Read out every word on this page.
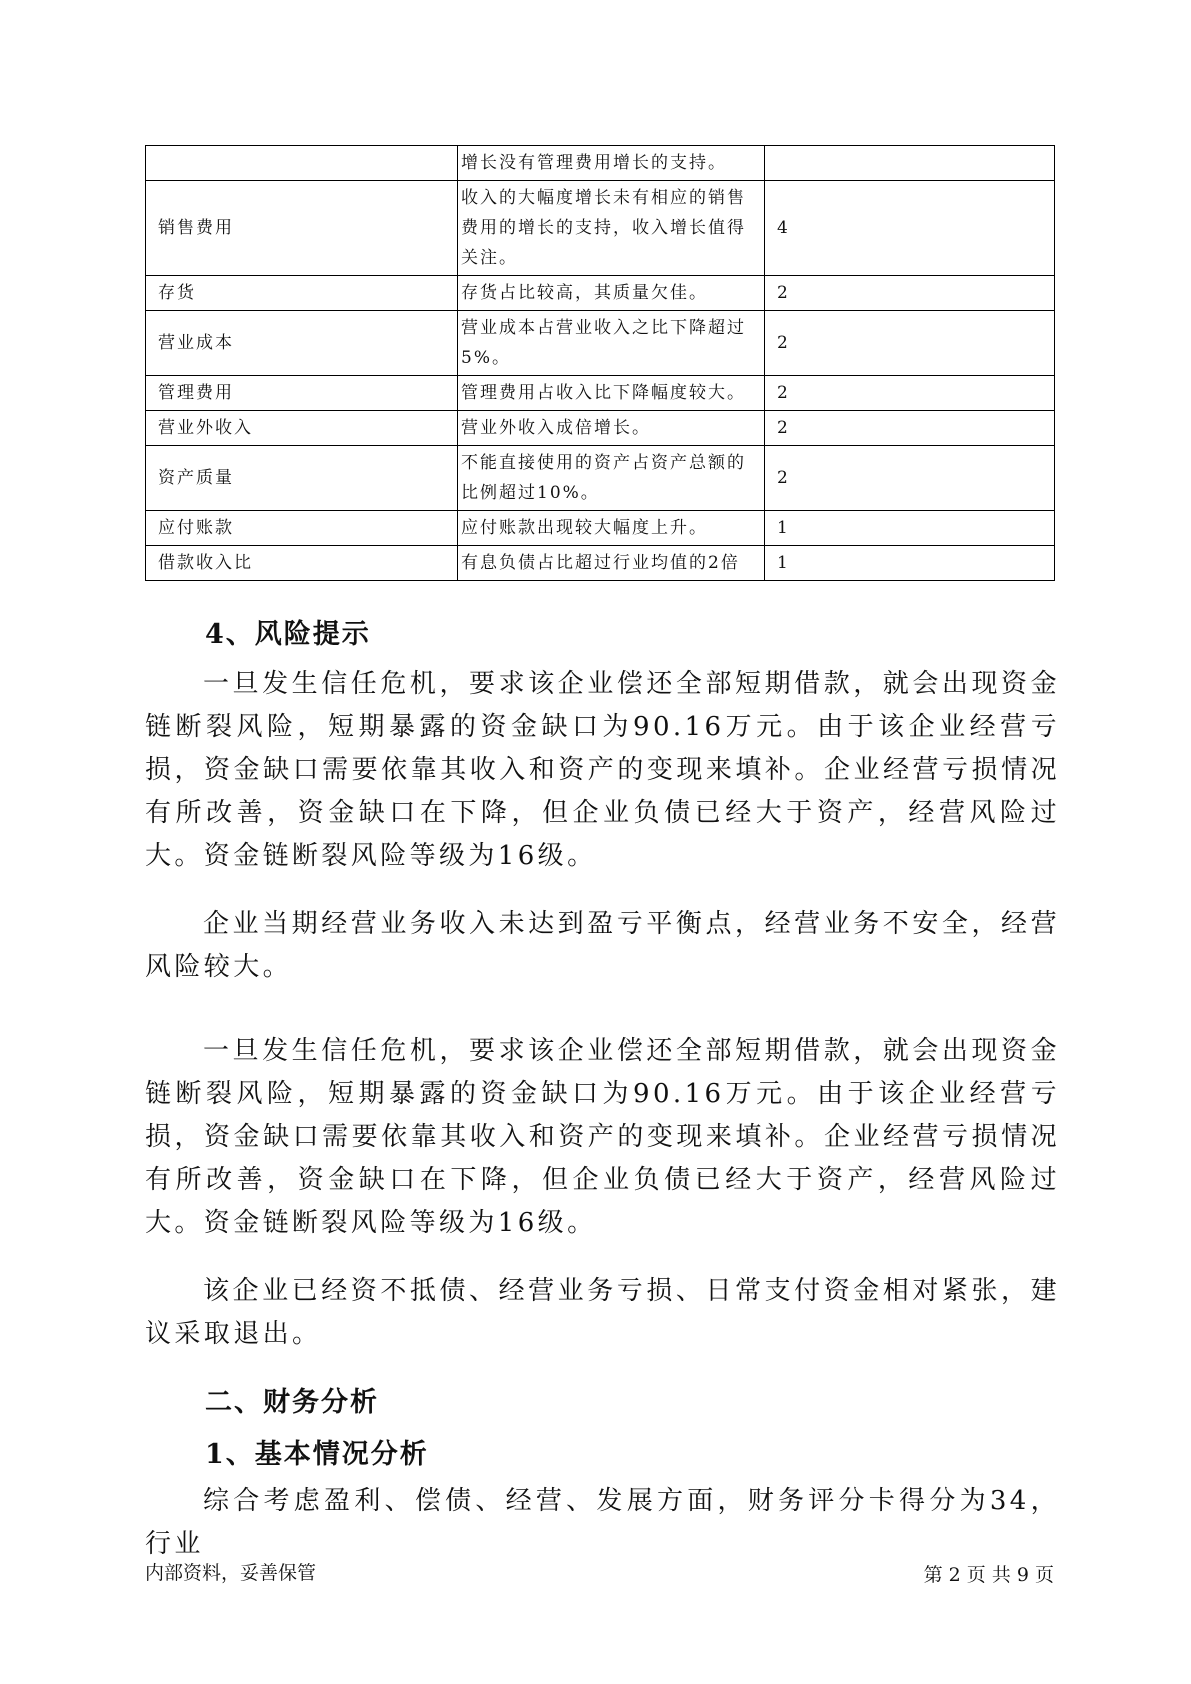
	增长没有管理费用增长的支持。	
销售费用	收入的大幅度增长未有相应的销售费用的增长的支持，收入增长值得关注。	4
存货	存货占比较高，其质量欠佳。	2
营业成本	营业成本占营业收入之比下降超过5%。	2
管理费用	管理费用占收入比下降幅度较大。	2
营业外收入	营业外收入成倍增长。	2
资产质量	不能直接使用的资产占资产总额的比例超过10%。	2
应付账款	应付账款出现较大幅度上升。	1
借款收入比	有息负债占比超过行业均值的2倍	1
4、风险提示

一旦发生信任危机，要求该企业偿还全部短期借款，就会出现资金链断裂风险，短期暴露的资金缺口为90.16万元。由于该企业经营亏损，资金缺口需要依靠其收入和资产的变现来填补。企业经营亏损情况有所改善，资金缺口在下降，但企业负债已经大于资产，经营风险过大。资金链断裂风险等级为16级。

企业当期经营业务收入未达到盈亏平衡点，经营业务不安全，经营风险较大。

一旦发生信任危机，要求该企业偿还全部短期借款，就会出现资金链断裂风险，短期暴露的资金缺口为90.16万元。由于该企业经营亏损，资金缺口需要依靠其收入和资产的变现来填补。企业经营亏损情况有所改善，资金缺口在下降，但企业负债已经大于资产，经营风险过大。资金链断裂风险等级为16级。

该企业已经资不抵债、经营业务亏损、日常支付资金相对紧张，建议采取退出。

二、财务分析
1、基本情况分析

综合考虑盈利、偿债、经营、发展方面，财务评分卡得分为34，行业

内部资料，妥善保管	第 2 页 共 9 页
